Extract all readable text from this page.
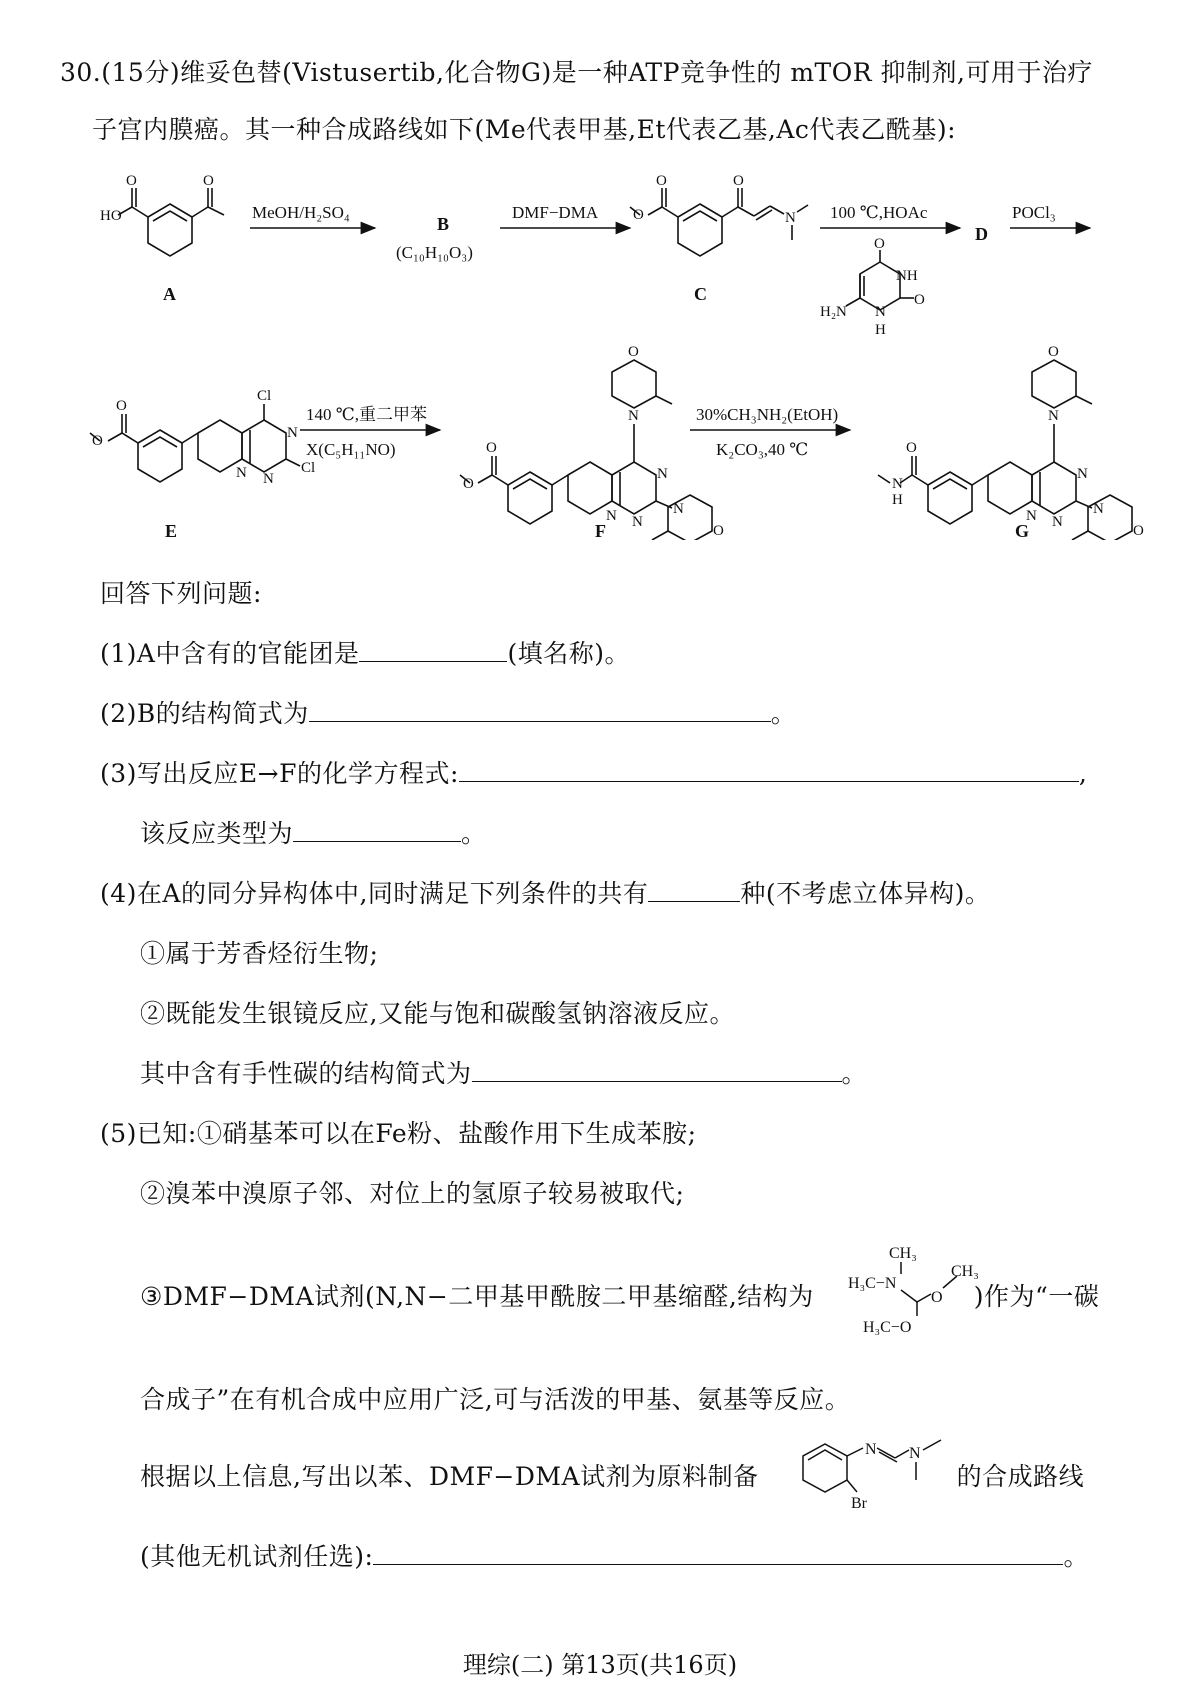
30.(15分)维妥色替(Vistusertib,化合物G)是一种ATP竞争性的 mTOR 抑制剂,可用于治疗
子宫内膜癌。其一种合成路线如下(Me代表甲基,Et代表乙基,Ac代表乙酰基):
HO
O	O
O
O	O
N
O
NH
O
N
H
H₂N
O
O
Cl
Cl
N
N
N	O
O
N
N
O
N
N
N
O
N
H
O
N
N
O
N
N
N
O
A
B
C
D
E	F	G
(C₁₀H₁₀O₃)
MeOH/H₂SO₄	DMF−DMA	100 ℃,HOAc	POCl₃
140 ℃,重二甲苯
X(C₅H₁₁NO)
30%CH₃NH₂(EtOH)
K₂CO₃,40 ℃
回答下列问题:
(1)A中含有的官能团是	(填名称)。
(2)B的结构简式为	。
(3)写出反应E→F的化学方程式:	,
该反应类型为	。
(4)在A的同分异构体中,同时满足下列条件的共有	种(不考虑立体异构)。
①属于芳香烃衍生物;
②既能发生银镜反应,又能与饱和碳酸氢钠溶液反应。
其中含有手性碳的结构简式为	。
(5)已知:①硝基苯可以在Fe粉、盐酸作用下生成苯胺;
②溴苯中溴原子邻、对位上的氢原子较易被取代;
③DMF−DMA试剂(N,N−二甲基甲酰胺二甲基缩醛,结构为	)作为“一碳
CH₃
H₃C−N
CH₃
O
H₃C−O
合成子”在有机合成中应用广泛,可与活泼的甲基、氨基等反应。
根据以上信息,写出以苯、DMF−DMA试剂为原料制备	的合成路线
N N
Br
(其他无机试剂任选):	。
理综(二) 第13页(共16页)
